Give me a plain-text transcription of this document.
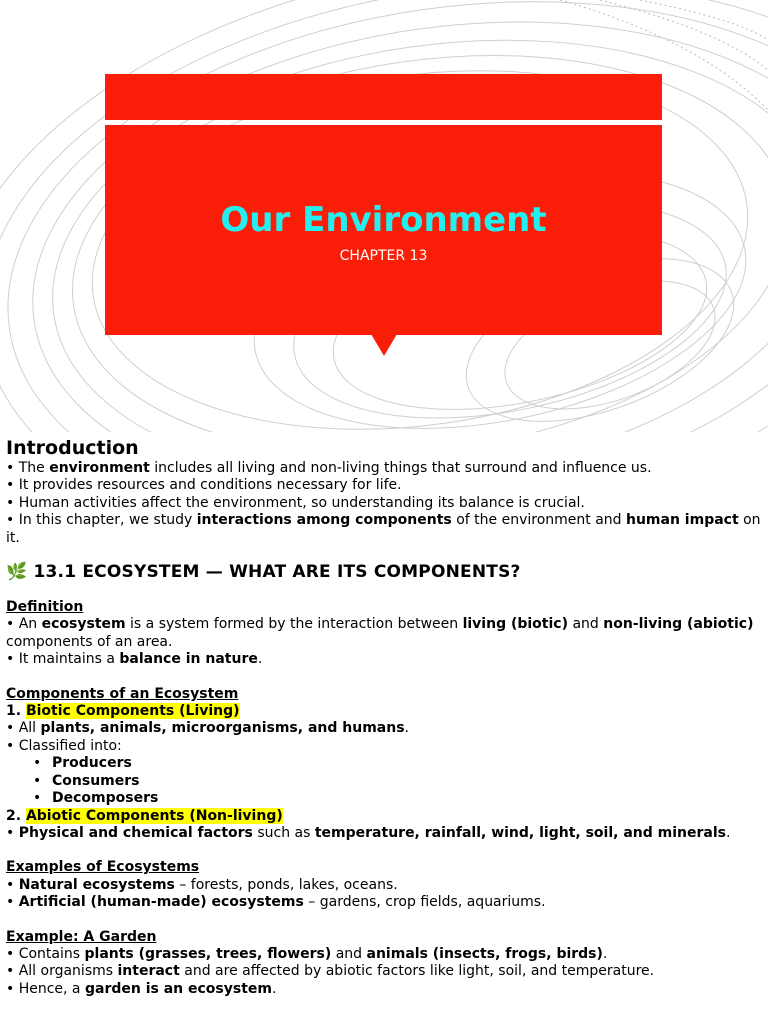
Our Environment
CHAPTER 13

Introduction

• The environment includes all living and non-living things that surround and influence us.

• It provides resources and conditions necessary for life.

• Human activities affect the environment, so understanding its balance is crucial.

• In this chapter, we study interactions among components of the environment and human impact on it.

🌿 13.1 ECOSYSTEM — WHAT ARE ITS COMPONENTS?

Definition

• An ecosystem is a system formed by the interaction between living (biotic) and non-living (abiotic) components of an area.

• It maintains a balance in nature.

Components of an Ecosystem

1. Biotic Components (Living)

• All plants, animals, microorganisms, and humans.

• Classified into:

• Producers

• Consumers

• Decomposers

2. Abiotic Components (Non-living)

• Physical and chemical factors such as temperature, rainfall, wind, light, soil, and minerals.

Examples of Ecosystems

• Natural ecosystems – forests, ponds, lakes, oceans.

• Artificial (human-made) ecosystems – gardens, crop fields, aquariums.

Example: A Garden

• Contains plants (grasses, trees, flowers) and animals (insects, frogs, birds).

• All organisms interact and are affected by abiotic factors like light, soil, and temperature.

• Hence, a garden is an ecosystem.
